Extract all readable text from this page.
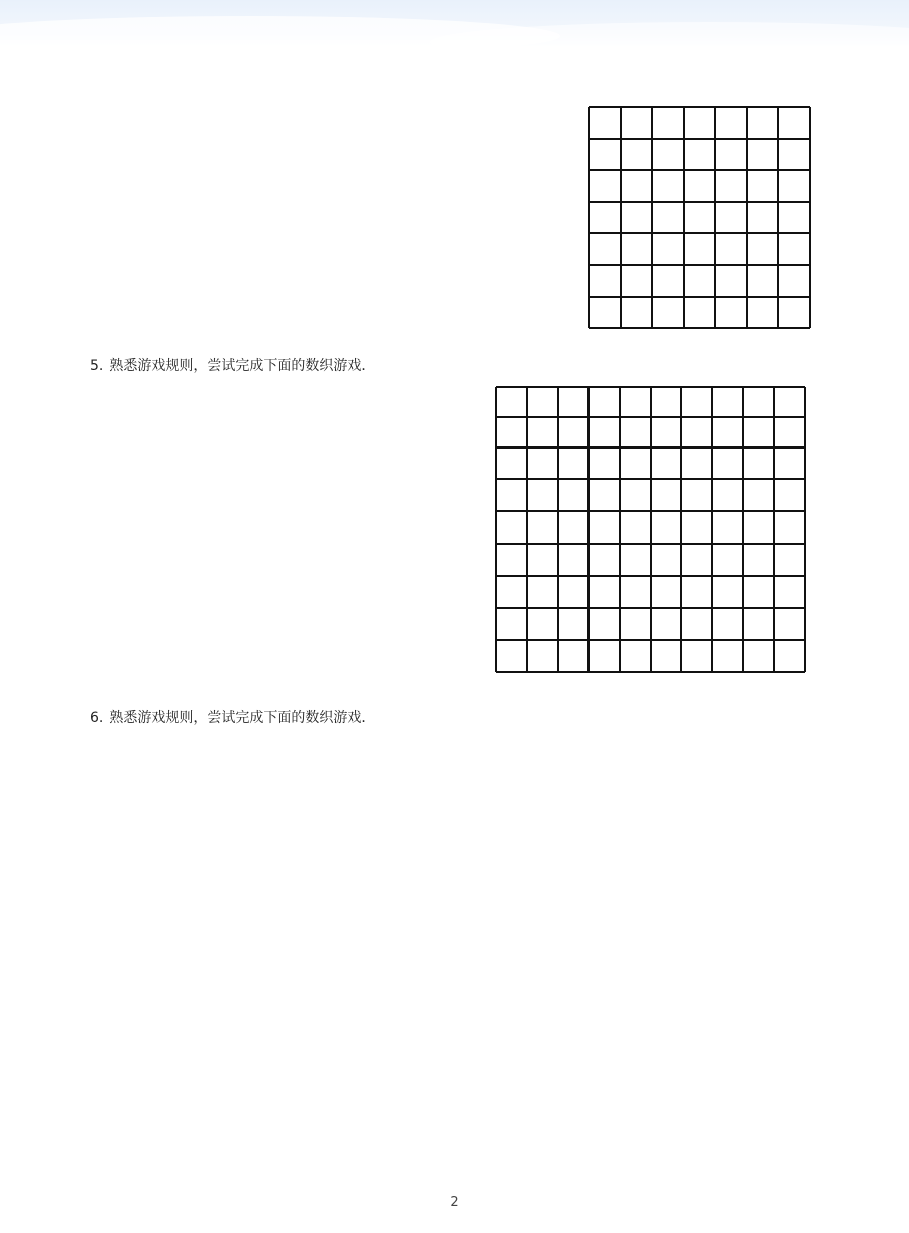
5. 熟悉游戏规则，尝试完成下面的数织游戏．
6. 熟悉游戏规则，尝试完成下面的数织游戏．
2
